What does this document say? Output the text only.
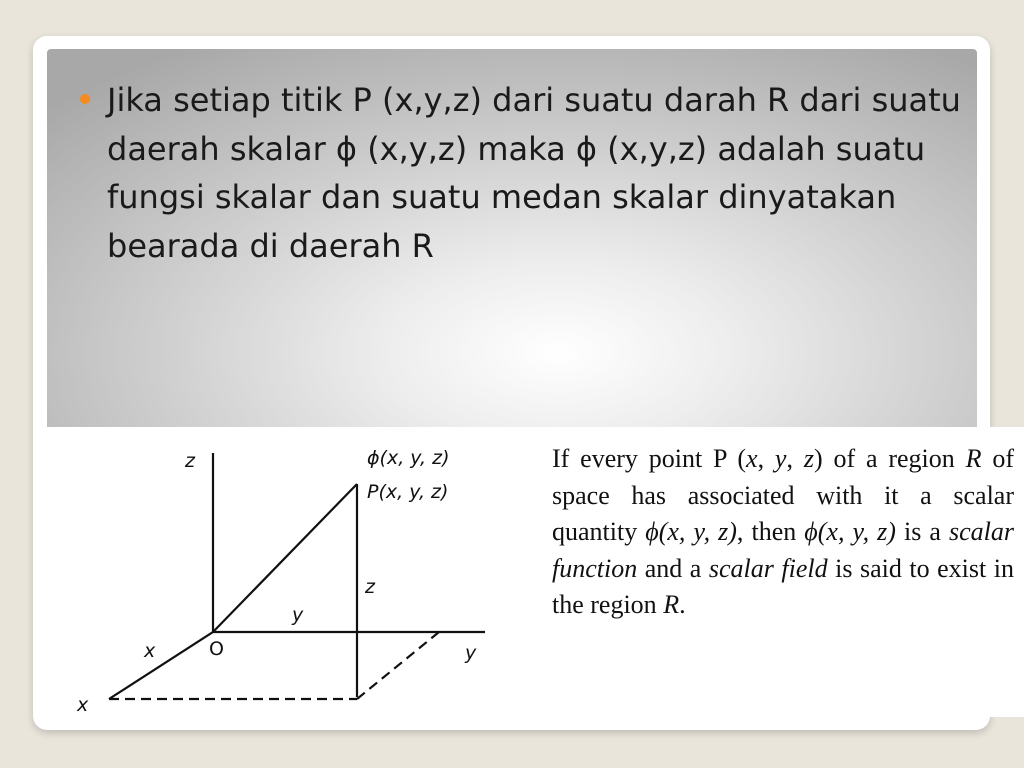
Jika setiap titik P (x,y,z) dari suatu darah R dari suatu daerah skalar ϕ (x,y,z) maka ϕ (x,y,z) adalah suatu fungsi skalar dan suatu medan skalar dinyatakan bearada di daerah R

z	ϕ(x, y, z)
P(x, y, z)
z
y
x	O	y
x

If every point P (x, y, z) of a region R of space has associated with it a scalar quantity ϕ(x, y, z), then ϕ(x, y, z) is a scalar function and a scalar field is said to exist in the region R.
